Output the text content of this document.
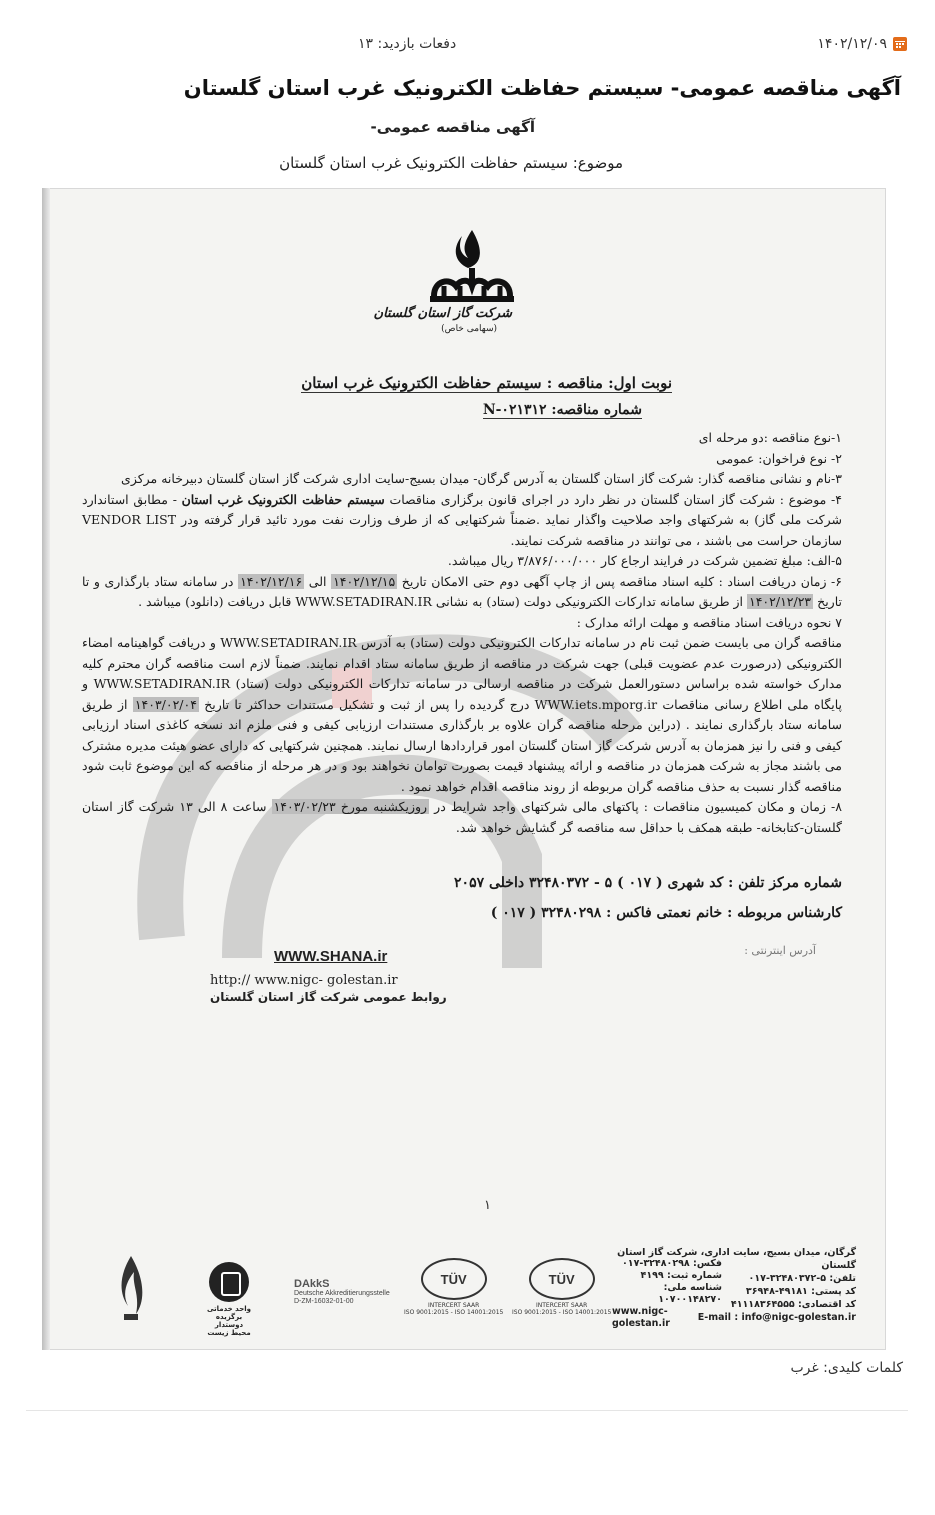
۱۴۰۲/۱۲/۰۹
دفعات بازدید: ۱۳
آگهی مناقصه عمومی- سیستم حفاظت الکترونیک غرب استان گلستان
آگهی مناقصه عمومی-
موضوع: سیستم حفاظت الکترونیک غرب استان گلستان
شرکت گاز استان گلستان
(سهامی خاص)
نوبت اول: مناقصه : سیستم حفاظت الکترونیک غرب استان
شماره مناقصه: N-۰۲۱۳۱۲

۱-نوع مناقصه :دو مرحله ای

۲- نوع فراخوان: عمومی

۳-نام و نشانی مناقصه گذار: شرکت گاز استان گلستان به آدرس گرگان- میدان بسیج-سایت اداری شرکت گاز استان گلستان دبیرخانه مرکزی

۴- موضوع : شرکت گاز استان گلستان در نظر دارد در اجرای قانون برگزاری مناقصات سیستم حفاظت الکترونیک غرب استان - مطابق استاندارد شرکت ملی گاز) به شرکتهای واجد صلاحیت واگذار نماید .ضمناً شرکتهایی که از طرف وزارت نفت مورد تائید قرار گرفته ودر VENDOR LIST سازمان حراست می باشند ، می توانند در مناقصه شرکت نمایند.

۵-الف: مبلغ تضمین شرکت در فرایند ارجاع کار ۳/۸۷۶/۰۰۰/۰۰۰ ریال میباشد.

۶- زمان دریافت اسناد : کلیه اسناد مناقصه پس از چاپ آگهی دوم حتی الامکان تاریخ ۱۴۰۲/۱۲/۱۵ الی ۱۴۰۲/۱۲/۱۶ در سامانه ستاد بارگذاری و تا تاریخ ۱۴۰۲/۱۲/۲۳ از طریق سامانه تدارکات الکترونیکی دولت (ستاد) به نشانی WWW.SETADIRAN.IR قابل دریافت (دانلود) میباشد .

۷ نحوه دریافت اسناد مناقصه و مهلت ارائه مدارک :

مناقصه گران می بایست ضمن ثبت نام در سامانه تدارکات الکترونیکی دولت (ستاد) به آدرس WWW.SETADIRAN.IR و دریافت گواهینامه امضاء الکترونیکی (درصورت عدم عضویت قبلی) جهت شرکت در مناقصه از طریق سامانه ستاد اقدام نمایند. ضمناً لازم است مناقصه گران محترم کلیه مدارک خواسته شده براساس دستورالعمل شرکت در مناقصه ارسالی در سامانه تدارکات الکترونیکی دولت (ستاد) WWW.SETADIRAN.IR و پایگاه ملی اطلاع رسانی مناقصات WWW.iets.mporg.ir درج گردیده را پس از ثبت و تشکیل مستندات حداکثر تا تاریخ ۱۴۰۳/۰۲/۰۴ از طریق سامانه ستاد بارگذاری نمایند . (دراین مرحله مناقصه گران علاوه بر بارگذاری مستندات ارزیابی کیفی و فنی ملزم اند نسخه کاغذی اسناد ارزیابی کیفی و فنی را نیز همزمان به آدرس شرکت گاز استان گلستان امور قراردادها ارسال نمایند. همچنین شرکتهایی که دارای عضو هیئت مدیره مشترک می باشند مجاز به شرکت همزمان در مناقصه و ارائه پیشنهاد قیمت بصورت توامان نخواهند بود و در هر مرحله از مناقصه که این موضوع ثابت شود مناقصه گذار نسبت به حذف مناقصه گران مربوطه از روند مناقصه اقدام خواهد نمود .

۸- زمان و مکان کمیسیون مناقصات : پاکتهای مالی شرکتهای واجد شرایط در روزیکشنبه مورخ ۱۴۰۳/۰۲/۲۳ ساعت ۸ الی ۱۳ شرکت گاز استان گلستان-کتابخانه- طبقه همکف با حداقل سه مناقصه گر گشایش خواهد شد.

شماره مرکز تلفن : کد شهری ( ۰۱۷ ) ۵ - ۳۲۴۸۰۳۷۲ داخلی ۲۰۵۷

کارشناس مربوطه : خانم نعمتی فاکس : ۳۲۴۸۰۲۹۸ ( ۰۱۷ )

آدرس اینترنتی :
WWW.SHANA.ir
http:// www.nigc- golestan.ir
روابط عمومی شرکت گاز استان گلستان
۱
گرگان، میدان بسیج، سایت اداری، شرکت گاز استان گلستان
تلفن: ۵-۳۲۴۸۰۳۷۲-۰۱۷
کد پستی: ۴۹۱۸۱-۳۶۹۴۸
کد اقتصادی: ۴۱۱۱۸۳۶۴۵۵۵
E-mail : info@nigc-golestan.ir
فکس: ۳۲۴۸۰۲۹۸-۰۱۷
شماره ثبت: ۴۱۹۹
شناسه ملی: ۱۰۷۰۰۱۴۸۲۷۰
www.nigc-golestan.ir
TÜV
INTERCERT SAAR
ISO 9001:2015 - ISO 14001:2015
TÜV
INTERCERT SAAR
ISO 9001:2015 - ISO 14001:2015
DAkkS
Deutsche Akkreditierungsstelle
D-ZM-16032-01-00
واحد خدماتی برگزیده دوستدار محیط زیست
کلمات کلیدی: غرب
